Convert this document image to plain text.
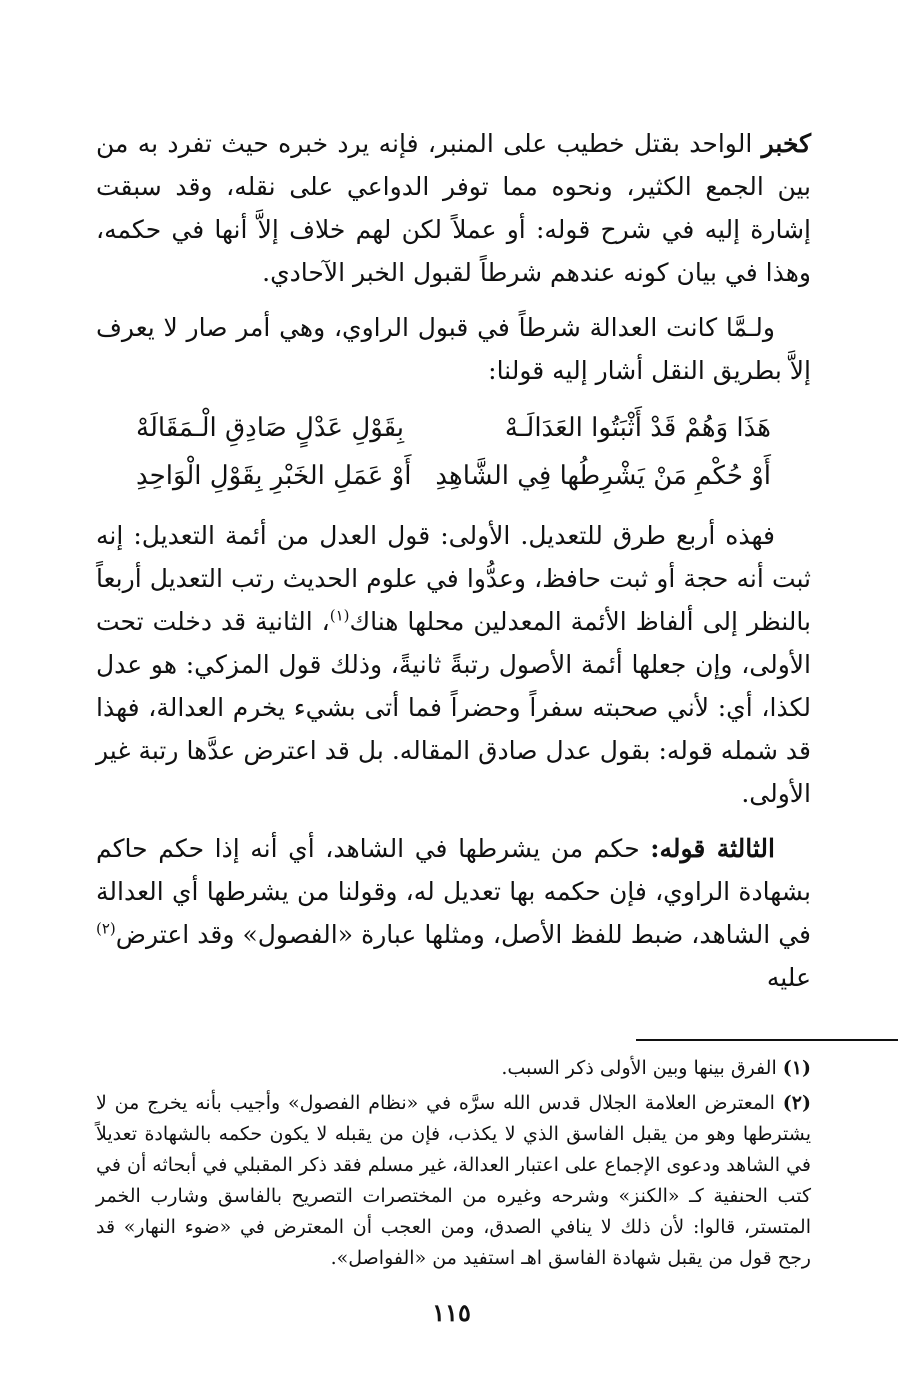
كخبر الواحد بقتل خطيب على المنبر، فإنه يرد خبره حيث تفرد به من بين الجمع الكثير، ونحوه مما توفر الدواعي على نقله، وقد سبقت إشارة إليه في شرح قوله: أو عملاً لكن لهم خلاف إلاَّ أنها في حكمه، وهذا في بيان كونه عندهم شرطاً لقبول الخبر الآحادي.

ولـمَّا كانت العدالة شرطاً في قبول الراوي، وهي أمر صار لا يعرف إلاَّ بطريق النقل أشار إليه قولنا:

هَذَا وَهُمْ قَدْ أَثْبَتُوا العَدَالَـهْ
بِقَوْلِ عَدْلٍ صَادِقِ الْـمَقَالَهْ
أَوْ حُكْمِ مَنْ يَشْرِطُها فِي الشَّاهِدِ
أَوْ عَمَلِ الخَبْرِ بِقَوْلِ الْوَاحِدِ

فهذه أربع طرق للتعديل. الأولى: قول العدل من أئمة التعديل: إنه ثبت أنه حجة أو ثبت حافظ، وعدُّوا في علوم الحديث رتب التعديل أربعاً بالنظر إلى ألفاظ الأئمة المعدلين محلها هناك$^{(١)}$، الثانية قد دخلت تحت الأولى، وإن جعلها أئمة الأصول رتبةً ثانيةً، وذلك قول المزكي: هو عدل لكذا، أي: لأني صحبته سفراً وحضراً فما أتى بشيء يخرم العدالة، فهذا قد شمله قوله: بقول عدل صادق المقاله. بل قد اعترض عدَّها رتبة غير الأولى.

الثالثة قوله: حكم من يشرطها في الشاهد، أي أنه إذا حكم حاكم بشهادة الراوي، فإن حكمه بها تعديل له، وقولنا من يشرطها أي العدالة في الشاهد، ضبط للفظ الأصل، ومثلها عبارة «الفصول» وقد اعترض$^{(٢)}$ عليه

(١) الفرق بينها وبين الأولى ذكر السبب.

(٢) المعترض العلامة الجلال قدس الله سرَّه في «نظام الفصول» وأجيب بأنه يخرج من لا يشترطها وهو من يقبل الفاسق الذي لا يكذب، فإن من يقبله لا يكون حكمه بالشهادة تعديلاً في الشاهد ودعوى الإجماع على اعتبار العدالة، غير مسلم فقد ذكر المقبلي في أبحاثه أن في كتب الحنفية كـ «الكنز» وشرحه وغيره من المختصرات التصريح بالفاسق وشارب الخمر المتستر، قالوا: لأن ذلك لا ينافي الصدق، ومن العجب أن المعترض في «ضوء النهار» قد رجح قول من يقبل شهادة الفاسق اهـ استفيد من «الفواصل».

١١٥
